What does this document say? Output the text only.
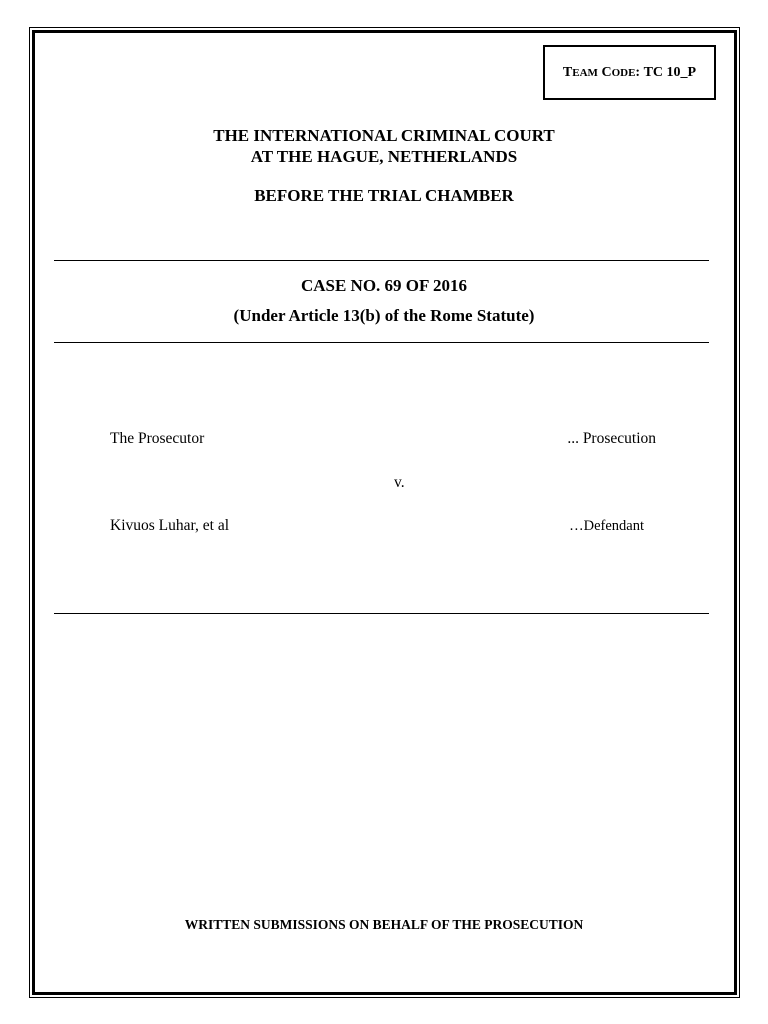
TEAM CODE:
TC 10_P
THE INTERNATIONAL CRIMINAL COURT
AT THE HAGUE, NETHERLANDS
BEFORE THE TRIAL CHAMBER
CASE NO. 69 OF 2016
(Under Article 13(b) of the Rome Statute)
The Prosecutor	... Prosecution
v.
Kivuos Luhar, et al	…Defendant
WRITTEN SUBMISSIONS ON BEHALF OF THE PROSECUTION
